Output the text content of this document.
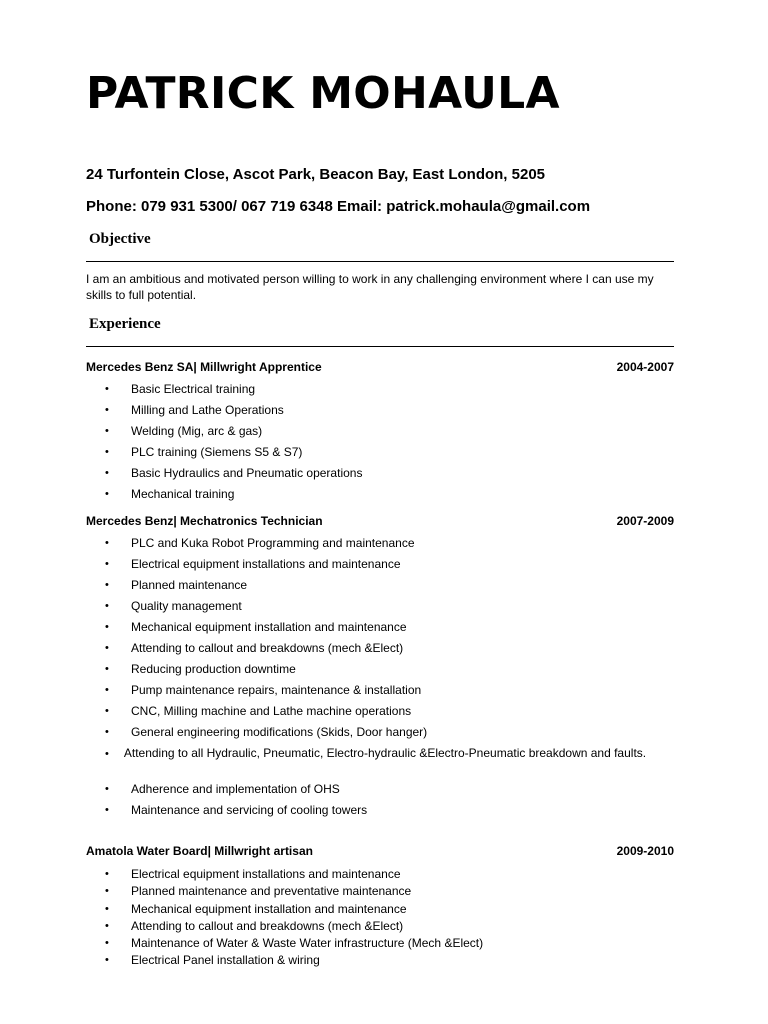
PATRICK MOHAULA
24 Turfontein Close, Ascot Park, Beacon Bay, East London, 5205
Phone: 079 931 5300/ 067 719 6348 Email: patrick.mohaula@gmail.com
Objective
I am an ambitious and motivated person willing to work in any challenging environment where I can use my skills to full potential.
Experience
Mercedes Benz SA| Millwright Apprentice	2004-2007
• Basic Electrical training
• Milling and Lathe Operations
• Welding (Mig, arc & gas)
• PLC training (Siemens S5 & S7)
• Basic Hydraulics and Pneumatic operations
• Mechanical training
Mercedes Benz| Mechatronics Technician	2007-2009
• PLC and Kuka Robot Programming and maintenance
• Electrical equipment installations and maintenance
• Planned maintenance
• Quality management
• Mechanical equipment installation and maintenance
• Attending to callout and breakdowns (mech &Elect)
• Reducing production downtime
• Pump maintenance repairs, maintenance & installation
• CNC, Milling machine and Lathe machine operations
• General engineering modifications (Skids, Door hanger)
• Attending to all Hydraulic, Pneumatic, Electro-hydraulic &Electro-Pneumatic breakdown and faults.
• Adherence and implementation of OHS
• Maintenance and servicing of cooling towers
Amatola Water Board| Millwright artisan	2009-2010
• Electrical equipment installations and maintenance
• Planned maintenance and preventative maintenance
• Mechanical equipment installation and maintenance
• Attending to callout and breakdowns (mech &Elect)
• Maintenance of Water & Waste Water infrastructure (Mech &Elect)
• Electrical Panel installation & wiring
